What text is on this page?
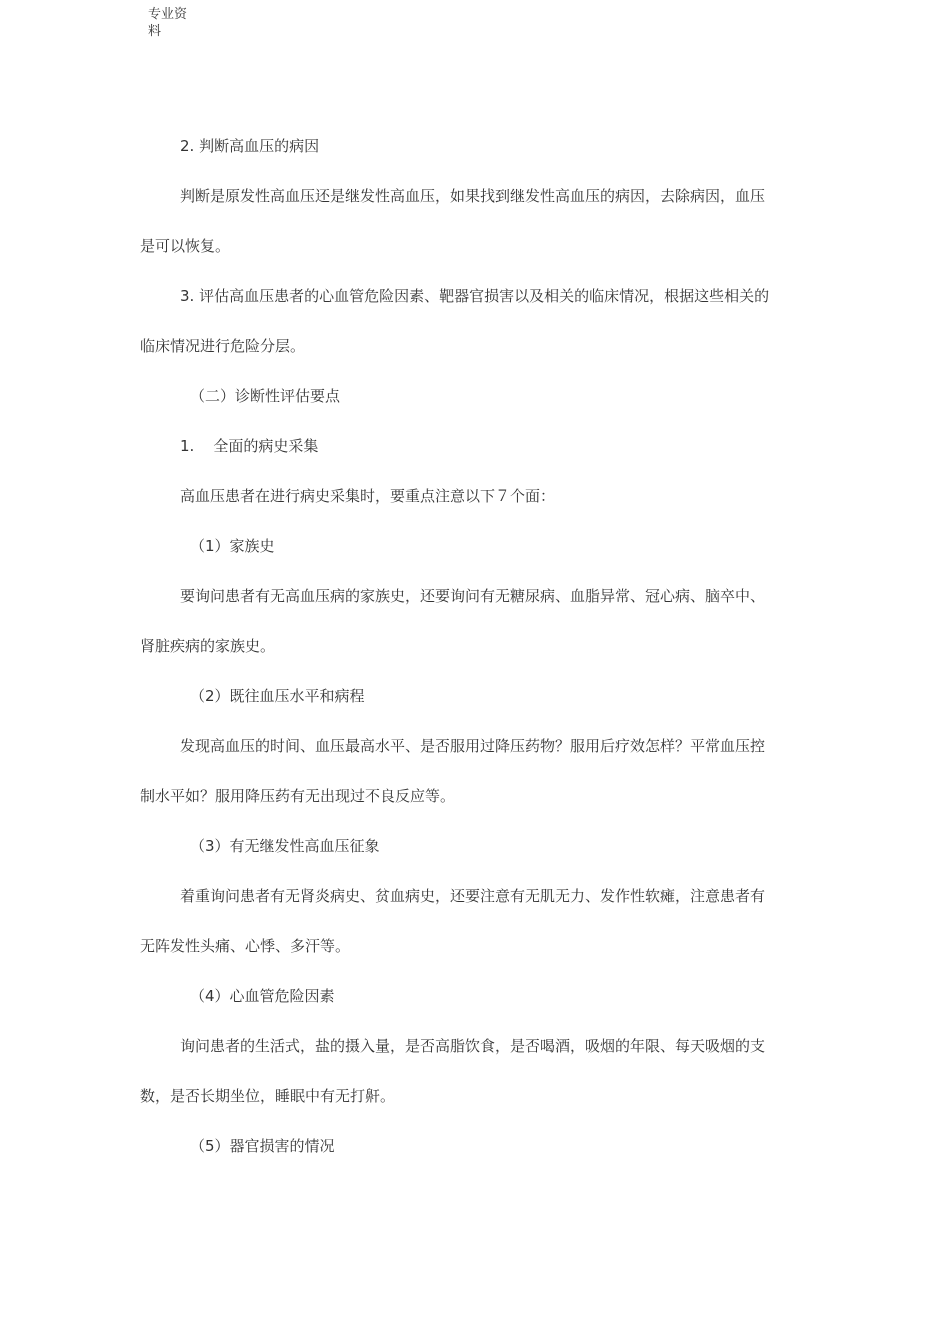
专业资
料
2. 判断高血压的病因
判断是原发性高血压还是继发性高血压，如果找到继发性高血压的病因，去除病因，血压
是可以恢复。
3. 评估高血压患者的心血管危险因素、靶器官损害以及相关的临床情况，根据这些相关的
临床情况进行危险分层。
（二）诊断性评估要点
1.    全面的病史采集
高血压患者在进行病史采集时，要重点注意以下７个面：
（1）家族史
要询问患者有无高血压病的家族史，还要询问有无糖尿病、血脂异常、冠心病、脑卒中、
肾脏疾病的家族史。
（2）既往血压水平和病程
发现高血压的时间、血压最高水平、是否服用过降压药物？服用后疗效怎样？平常血压控
制水平如？服用降压药有无出现过不良反应等。
（3）有无继发性高血压征象
着重询问患者有无肾炎病史、贫血病史，还要注意有无肌无力、发作性软瘫，注意患者有
无阵发性头痛、心悸、多汗等。
（4）心血管危险因素
询问患者的生活式，盐的摄入量，是否高脂饮食，是否喝酒，吸烟的年限、每天吸烟的支
数，是否长期坐位，睡眠中有无打鼾。
（5）器官损害的情况
